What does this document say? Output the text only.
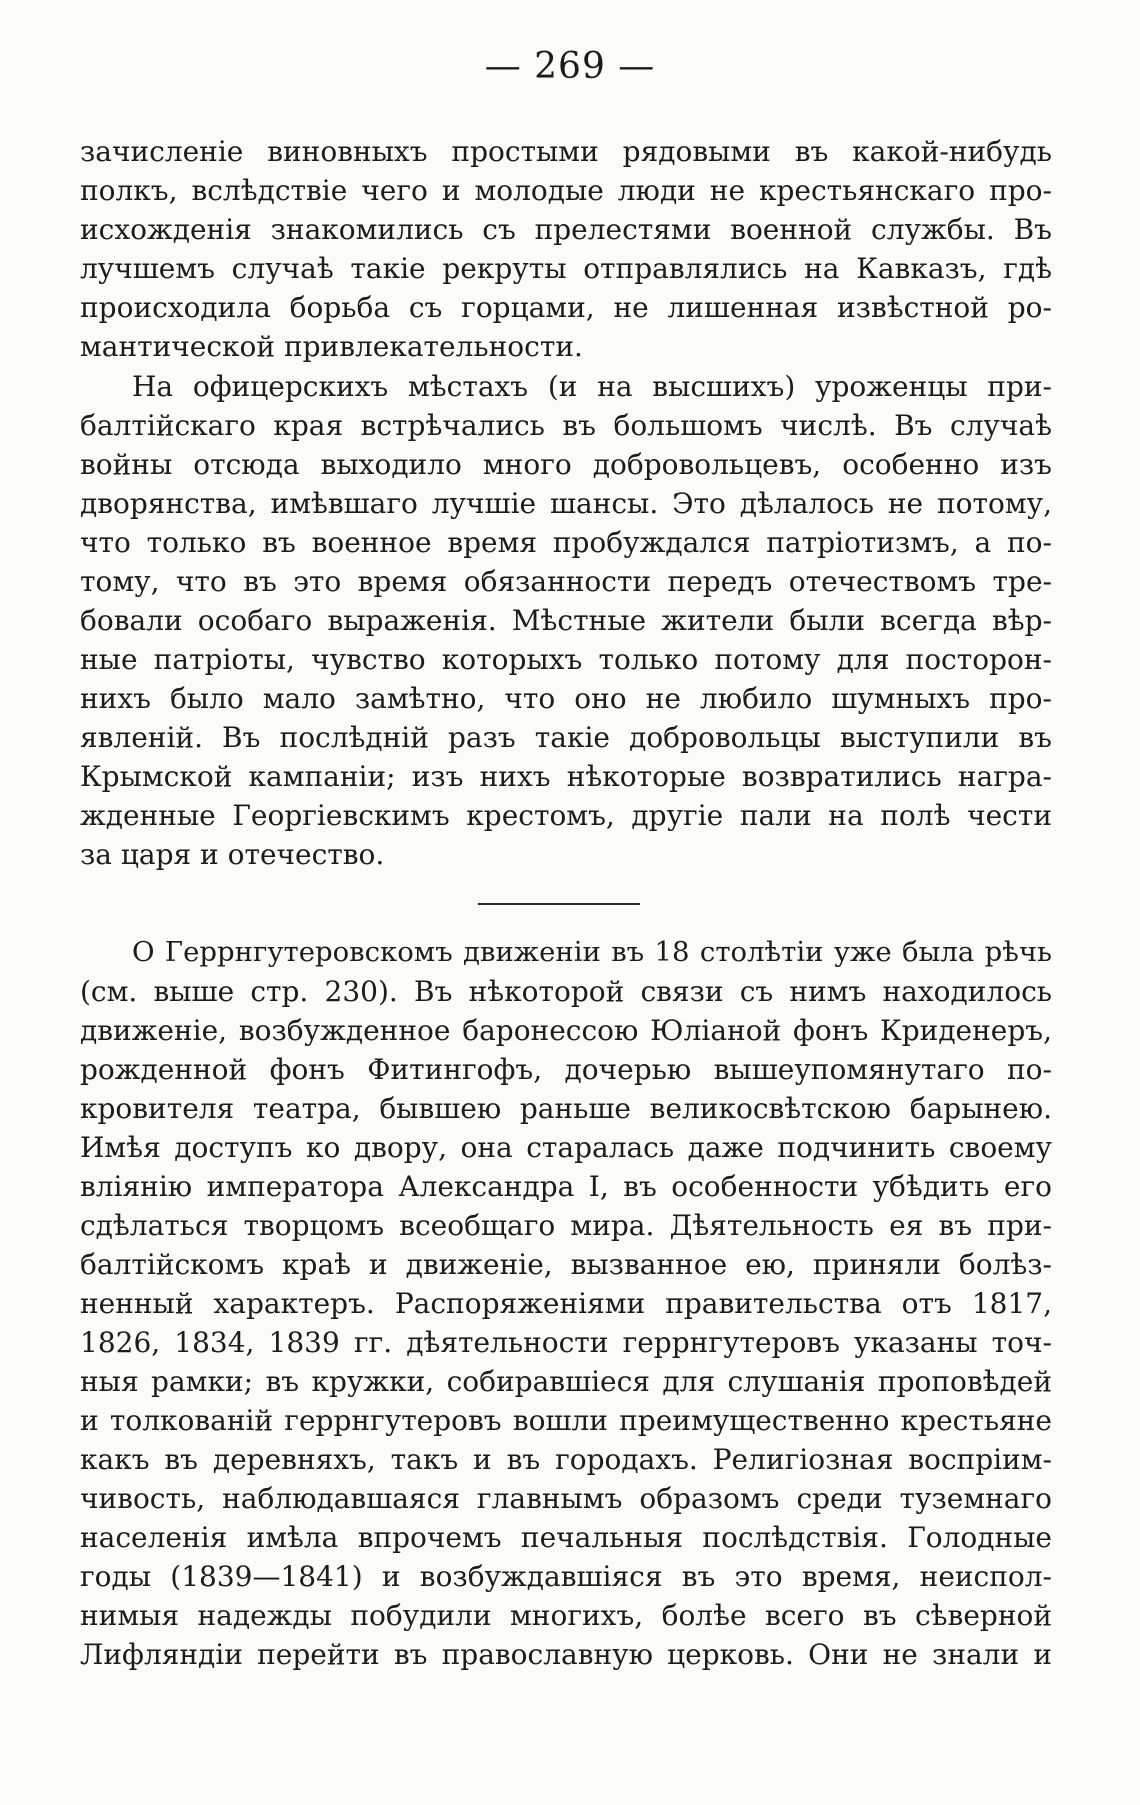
— 269 —
зачисленіе виновныхъ простыми рядовыми въ какой-нибудь
полкъ, вслѣдствіе чего и молодые люди не крестьянскаго про-
исхожденія знакомились съ прелестями военной службы. Въ
лучшемъ случаѣ такіе рекруты отправлялись на Кавказъ, гдѣ
происходила борьба съ горцами, не лишенная извѣстной ро-
мантической привлекательности.
На офицерскихъ мѣстахъ (и на высшихъ) уроженцы при-
балтійскаго края встрѣчались въ большомъ числѣ. Въ случаѣ
войны отсюда выходило много добровольцевъ, особенно изъ
дворянства, имѣвшаго лучшіе шансы. Это дѣлалось не потому,
что только въ военное время пробуждался патріотизмъ, а по-
тому, что въ это время обязанности передъ отечествомъ тре-
бовали особаго выраженія. Мѣстные жители были всегда вѣр-
ные патріоты, чувство которыхъ только потому для посторон-
нихъ было мало замѣтно, что оно не любило шумныхъ про-
явленій. Въ послѣдній разъ такіе добровольцы выступили въ
Крымской кампаніи; изъ нихъ нѣкоторые возвратились награ-
жденные Георгіевскимъ крестомъ, другіе пали на полѣ чести
за царя и отечество.
О Геррнгутеровскомъ движеніи въ 18 столѣтіи уже была рѣчь
(см. выше стр. 230). Въ нѣкоторой связи съ нимъ находилось
движеніе, возбужденное баронессою Юліаной фонъ Криденеръ,
рожденной фонъ Фитингофъ, дочерью вышеупомянутаго по-
кровителя театра, бывшею раньше великосвѣтскою барынею.
Имѣя доступъ ко двору, она старалась даже подчинить своему
вліянію императора Александра I, въ особенности убѣдить его
сдѣлаться творцомъ всеобщаго мира. Дѣятельность ея въ при-
балтійскомъ краѣ и движеніе, вызванное ею, приняли болѣз-
ненный характеръ. Распоряженіями правительства отъ 1817,
1826, 1834, 1839 гг. дѣятельности геррнгутеровъ указаны точ-
ныя рамки; въ кружки, собиравшіеся для слушанія проповѣдей
и толкованій геррнгутеровъ вошли преимущественно крестьяне
какъ въ деревняхъ, такъ и въ городахъ. Религіозная воспріим-
чивость, наблюдавшаяся главнымъ образомъ среди туземнаго
населенія имѣла впрочемъ печальныя послѣдствія. Голодные
годы (1839—1841) и возбуждавшіяся въ это время, неиспол-
нимыя надежды побудили многихъ, болѣе всего въ сѣверной
Лифляндіи перейти въ православную церковь. Они не знали и
